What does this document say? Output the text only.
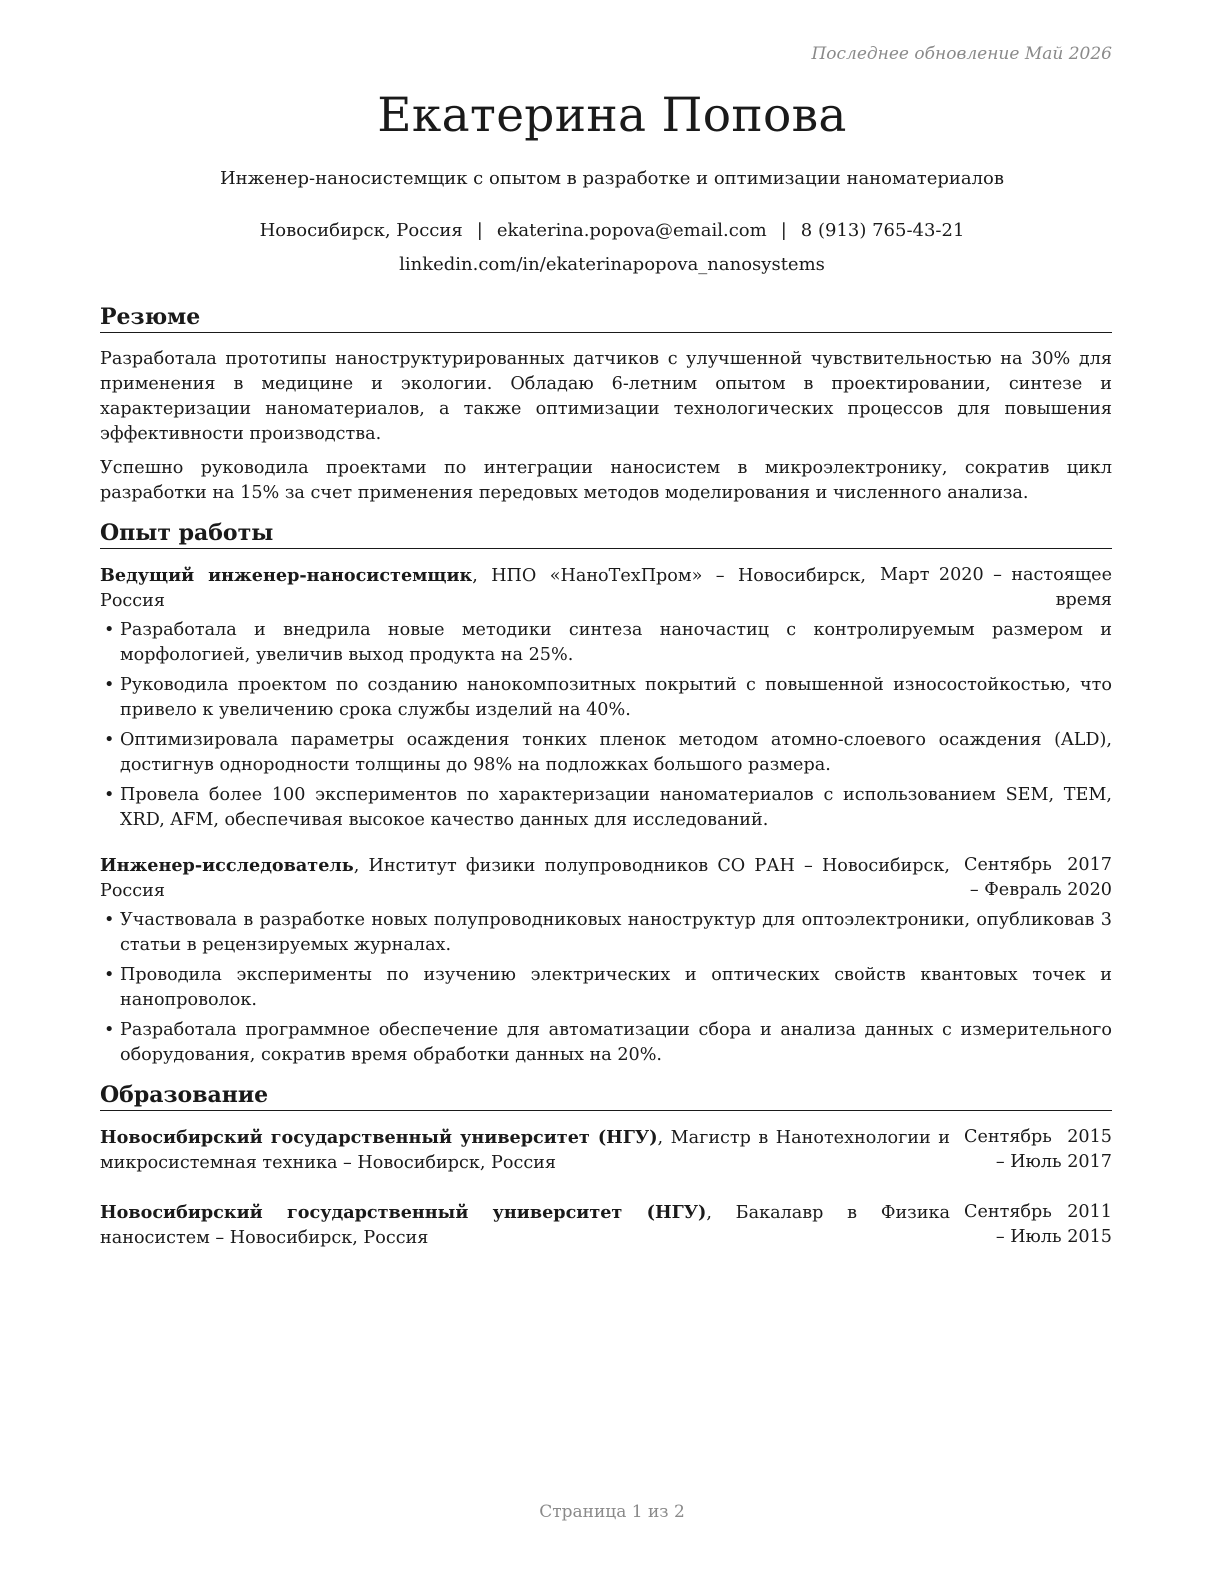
Последнее обновление Май 2026
Екатерина Попова
Инженер-наносистемщик с опытом в разработке и оптимизации наноматериалов
Новосибирск, Россия | ekaterina.popova@email.com | 8 (913) 765-43-21
linkedin.com/in/ekaterinapopova_nanosystems
Резюме

Разработала прототипы наноструктурированных датчиков с улучшенной чувствительностью на 30% для применения в медицине и экологии. Обладаю 6-летним опытом в проектировании, синтезе и характеризации наноматериалов, а также оптимизации технологических процессов для повышения эффективности производства.

Успешно руководила проектами по интеграции наносистем в микроэлектронику, сократив цикл разработки на 15% за счет применения передовых методов моделирования и численного анализа.

Опыт работы
Ведущий инженер-наносистемщик, НПО «НаноТехПром» – Новосибирск, Россия
Март 2020 – настоящее время
• Разработала и внедрила новые методики синтеза наночастиц с контролируемым размером и морфологией, увеличив выход продукта на 25%.
• Руководила проектом по созданию нанокомпозитных покрытий с повышенной износостойкостью, что привело к увеличению срока службы изделий на 40%.
• Оптимизировала параметры осаждения тонких пленок методом атомно-слоевого осаждения (ALD), достигнув однородности толщины до 98% на подложках большого размера.
• Провела более 100 экспериментов по характеризации наноматериалов с использованием SEM, TEM, XRD, AFM, обеспечивая высокое качество данных для исследований.
Инженер-исследователь, Институт физики полупроводников СО РАН – Новосибирск, Россия
Сентябрь 2017 – Февраль 2020
• Участвовала в разработке новых полупроводниковых наноструктур для оптоэлектроники, опубликовав 3 статьи в рецензируемых журналах.
• Проводила эксперименты по изучению электрических и оптических свойств квантовых точек и нанопроволок.
• Разработала программное обеспечение для автоматизации сбора и анализа данных с измерительного оборудования, сократив время обработки данных на 20%.
Образование
Новосибирский государственный университет (НГУ), Магистр в Нанотехнологии и микросистемная техника – Новосибирск, Россия
Сентябрь 2015 – Июль 2017
Новосибирский государственный университет (НГУ), Бакалавр в Физика наносистем – Новосибирск, Россия
Сентябрь 2011 – Июль 2015
Страница 1 из 2
